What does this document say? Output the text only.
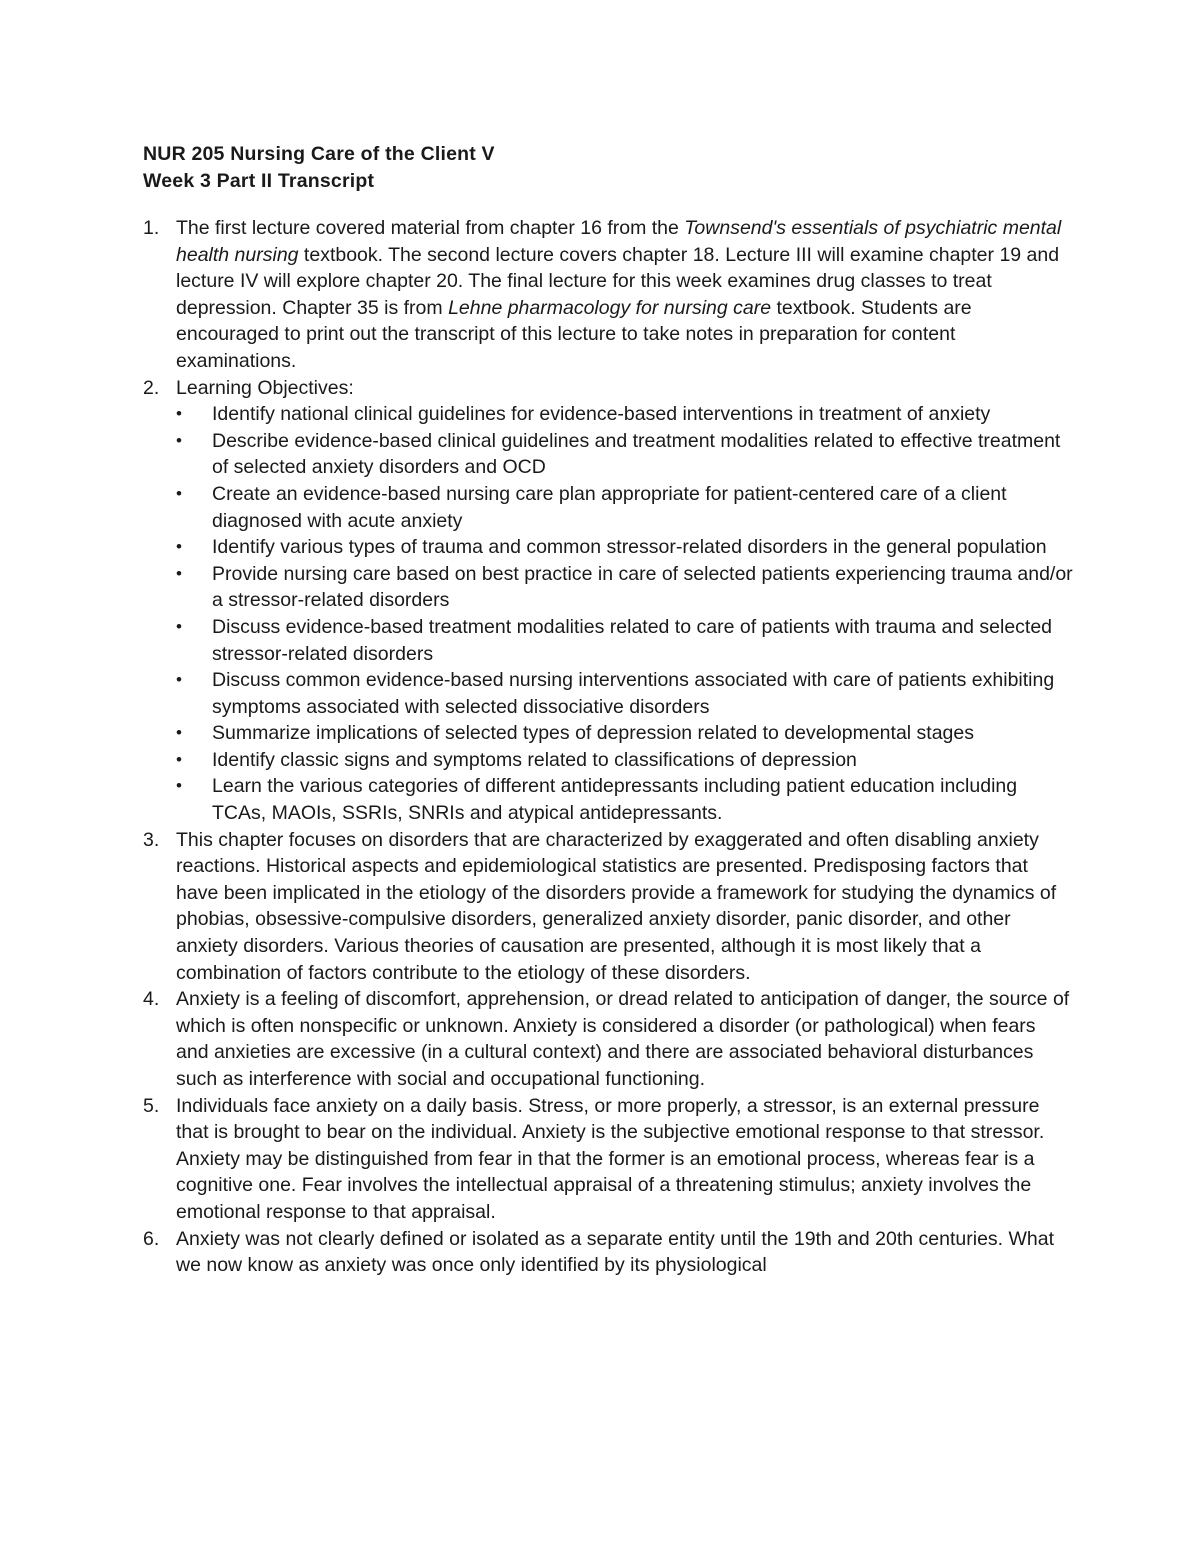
NUR 205 Nursing Care of the Client V
Week 3 Part II Transcript
1. The first lecture covered material from chapter 16 from the Townsend's essentials of psychiatric mental health nursing textbook. The second lecture covers chapter 18. Lecture III will examine chapter 19 and lecture IV will explore chapter 20. The final lecture for this week examines drug classes to treat depression. Chapter 35 is from Lehne pharmacology for nursing care textbook. Students are encouraged to print out the transcript of this lecture to take notes in preparation for content examinations.
2. Learning Objectives:
•	Identify national clinical guidelines for evidence-based interventions in treatment of anxiety
•	Describe evidence-based clinical guidelines and treatment modalities related to effective treatment of selected anxiety disorders and OCD
•	Create an evidence-based nursing care plan appropriate for patient-centered care of a client diagnosed with acute anxiety
•	Identify various types of trauma and common stressor-related disorders in the general population
•	Provide nursing care based on best practice in care of selected patients experiencing trauma and/or a stressor-related disorders
•	Discuss evidence-based treatment modalities related to care of patients with trauma and selected stressor-related disorders
•	Discuss common evidence-based nursing interventions associated with care of patients exhibiting symptoms associated with selected dissociative disorders
•	Summarize implications of selected types of depression related to developmental stages
•	Identify classic signs and symptoms related to classifications of depression
•	Learn the various categories of different antidepressants including patient education including TCAs, MAOIs, SSRIs, SNRIs and atypical antidepressants.
3. This chapter focuses on disorders that are characterized by exaggerated and often disabling anxiety reactions. Historical aspects and epidemiological statistics are presented. Predisposing factors that have been implicated in the etiology of the disorders provide a framework for studying the dynamics of phobias, obsessive-compulsive disorders, generalized anxiety disorder, panic disorder, and other anxiety disorders. Various theories of causation are presented, although it is most likely that a combination of factors contribute to the etiology of these disorders.
4. Anxiety is a feeling of discomfort, apprehension, or dread related to anticipation of danger, the source of which is often nonspecific or unknown. Anxiety is considered a disorder (or pathological) when fears and anxieties are excessive (in a cultural context) and there are associated behavioral disturbances such as interference with social and occupational functioning.
5. Individuals face anxiety on a daily basis. Stress, or more properly, a stressor, is an external pressure that is brought to bear on the individual. Anxiety is the subjective emotional response to that stressor. Anxiety may be distinguished from fear in that the former is an emotional process, whereas fear is a cognitive one. Fear involves the intellectual appraisal of a threatening stimulus; anxiety involves the emotional response to that appraisal.
6. Anxiety was not clearly defined or isolated as a separate entity until the 19th and 20th centuries. What we now know as anxiety was once only identified by its physiological
